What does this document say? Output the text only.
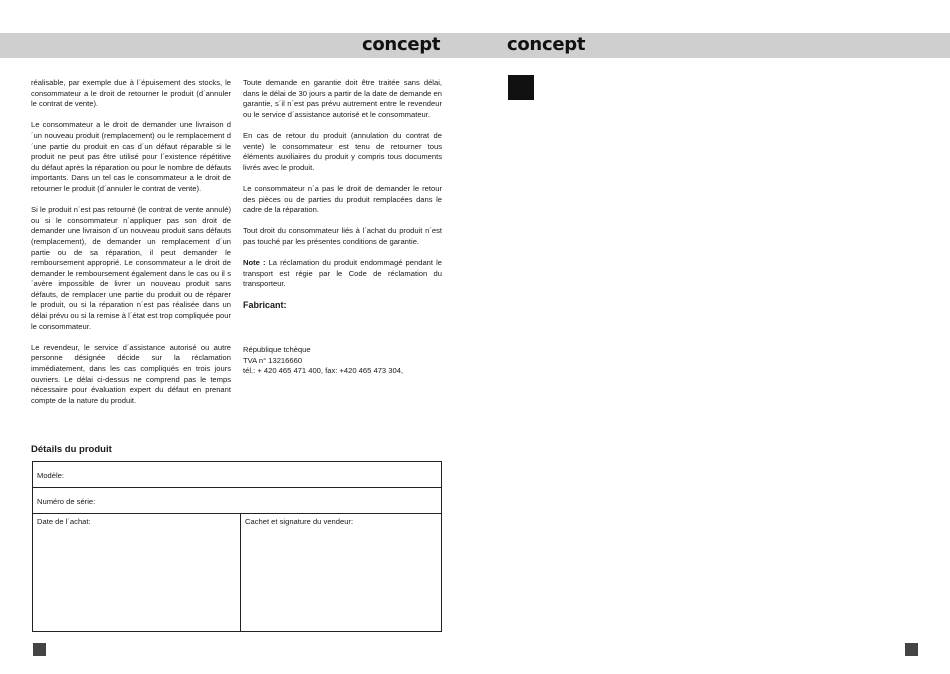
concept	concept

réalisable, par exemple due à l´épuisement des stocks, le consommateur a le droit de retourner le produit (d´annuler le contrat de vente).

Le consommateur a le droit de demander une livraison d´un nouveau produit (remplacement) ou le remplacement d´une partie du produit en cas d´un défaut réparable si le produit ne peut pas être utilisé pour l´existence répétitive du défaut après la réparation ou pour le nombre de défauts importants. Dans un tel cas le consommateur a le droit de retourner le produit (d´annuler le contrat de vente).

Si le produit n´est pas retourné (le contrat de vente annulé) ou si le consommateur n´appliquer pas son droit de demander une livraison d´un nouveau produit sans défauts (remplacement), de demander un remplacement d´un partie ou de sa réparation, il peut demander le remboursement approprié. Le consommateur a le droit de demander le remboursement également dans le cas ou il s´avère impossible de livrer un nouveau produit sans défauts, de remplacer une partie du produit ou de réparer le produit, ou si la réparation n´est pas réalisée dans un délai prévu ou si la remise à l´état est trop compliquée pour le consommateur.

Le revendeur, le service d´assistance autorisé ou autre personne désignée décide sur la réclamation immédiatement, dans les cas compliqués en trois jours ouvriers. Le délai ci-dessus ne comprend pas le temps nécessaire pour évaluation expert du défaut en prenant compte de la nature du produit.

Toute demande en garantie doit être traitée sans délai, dans le délai de 30 jours a partir de la date de demande en garantie, s´il n´est pas prévu autrement entre le revendeur ou le service d´assistance autorisé et le consommateur.

En cas de retour du produit (annulation du contrat de vente) le consommateur est tenu de retourner tous éléments auxiliaires du produit y compris tous documents livrés avec le produit.

Le consommateur n´a pas le droit de demander le retour des pièces ou de parties du produit remplacées dans le cadre de la réparation.

Tout droit du consommateur liés à l´achat du produit n´est pas touché par les présentes conditions de garantie.

Note : La réclamation du produit endommagé pendant le transport est régie par le Code de réclamation du transporteur.

Fabricant:
République tchèque
TVA n° 13216660
tél.: + 420 465 471 400, fax: +420 465 473 304,
Détails du produit
Modèle:
Numéro de série:
Date de l´achat:	Cachet et signature du vendeur:
